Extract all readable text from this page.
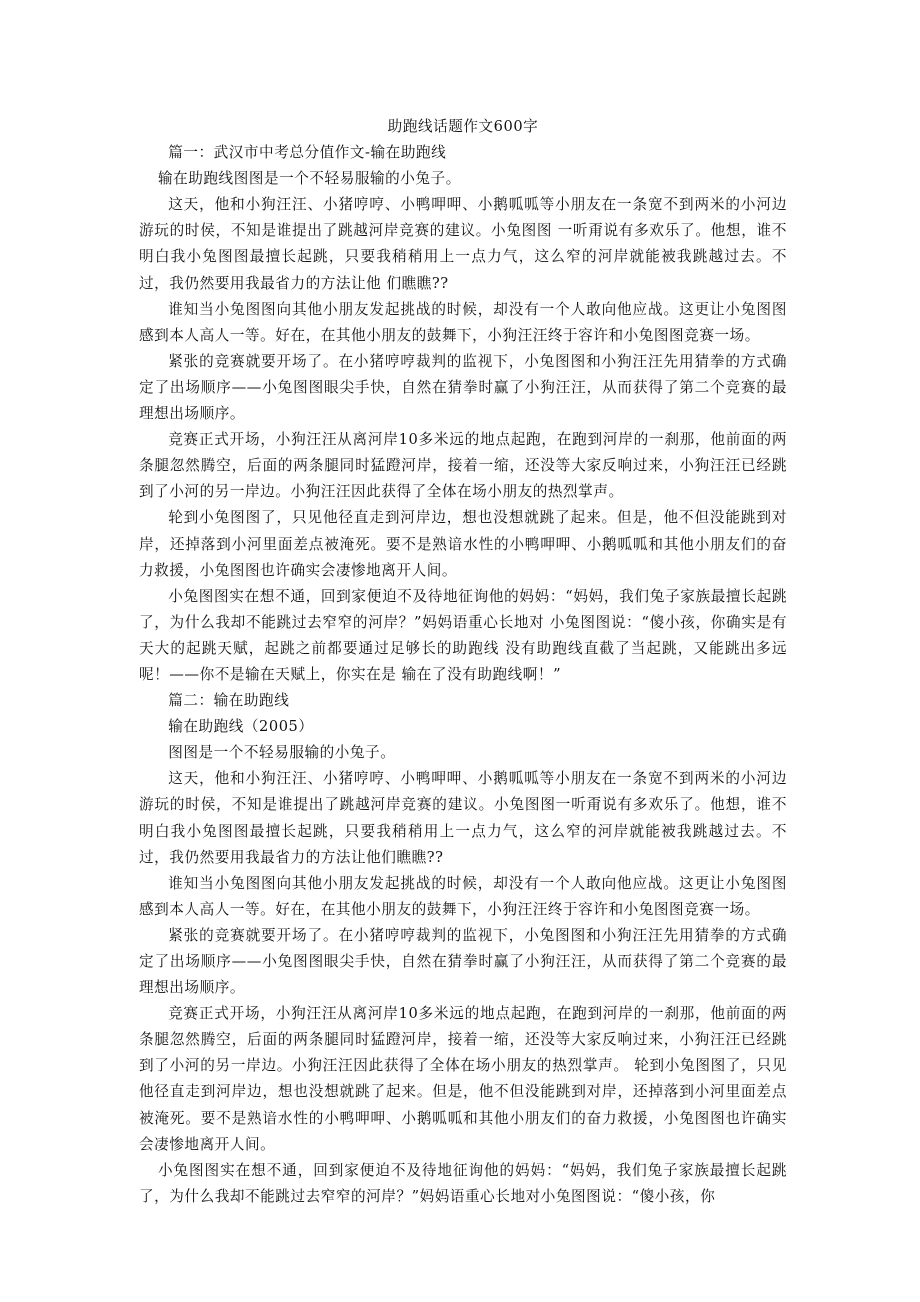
助跑线话题作文600字

篇一：武汉市中考总分值作文-输在助跑线

输在助跑线图图是一个不轻易服输的小兔子。

这天，他和小狗汪汪、小猪哼哼、小鸭呷呷、小鹅呱呱等小朋友在一条宽不到两米的小河边游玩的时侯，不知是谁提出了跳越河岸竞赛的建议。小兔图图 一听甭说有多欢乐了。他想，谁不明白我小兔图图最擅长起跳，只要我稍稍用上一点力气，这么窄的河岸就能被我跳越过去。不过，我仍然要用我最省力的方法让他 们瞧瞧??

谁知当小兔图图向其他小朋友发起挑战的时候，却没有一个人敢向他应战。这更让小兔图图感到本人高人一等。好在，在其他小朋友的鼓舞下，小狗汪汪终于容许和小兔图图竞赛一场。

紧张的竞赛就要开场了。在小猪哼哼裁判的监视下，小兔图图和小狗汪汪先用猜拳的方式确定了出场顺序——小兔图图眼尖手快，自然在猜拳时赢了小狗汪汪，从而获得了第二个竞赛的最理想出场顺序。

竞赛正式开场，小狗汪汪从离河岸10多米远的地点起跑，在跑到河岸的一刹那，他前面的两条腿忽然腾空，后面的两条腿同时猛蹬河岸，接着一缩，还没等大家反响过来，小狗汪汪已经跳到了小河的另一岸边。小狗汪汪因此获得了全体在场小朋友的热烈掌声。

轮到小兔图图了，只见他径直走到河岸边，想也没想就跳了起来。但是，他不但没能跳到对岸，还掉落到小河里面差点被淹死。要不是熟谙水性的小鸭呷呷、小鹅呱呱和其他小朋友们的奋力救援，小兔图图也许确实会凄惨地离开人间。

小兔图图实在想不通，回到家便迫不及待地征询他的妈妈：“妈妈，我们兔子家族最擅长起跳了，为什么我却不能跳过去窄窄的河岸？”妈妈语重心长地对 小兔图图说：“傻小孩，你确实是有天大的起跳天赋，起跳之前都要通过足够长的助跑线 没有助跑线直截了当起跳，又能跳出多远呢！——你不是输在天赋上，你实在是 输在了没有助跑线啊！”

篇二：输在助跑线

输在助跑线（2005）

图图是一个不轻易服输的小兔子。

这天，他和小狗汪汪、小猪哼哼、小鸭呷呷、小鹅呱呱等小朋友在一条宽不到两米的小河边游玩的时侯，不知是谁提出了跳越河岸竞赛的建议。小兔图图一听甭说有多欢乐了。他想，谁不明白我小兔图图最擅长起跳，只要我稍稍用上一点力气，这么窄的河岸就能被我跳越过去。不过，我仍然要用我最省力的方法让他们瞧瞧??

谁知当小兔图图向其他小朋友发起挑战的时候，却没有一个人敢向他应战。这更让小兔图图感到本人高人一等。好在，在其他小朋友的鼓舞下，小狗汪汪终于容许和小兔图图竞赛一场。

紧张的竞赛就要开场了。在小猪哼哼裁判的监视下，小兔图图和小狗汪汪先用猜拳的方式确定了出场顺序——小兔图图眼尖手快，自然在猜拳时赢了小狗汪汪，从而获得了第二个竞赛的最理想出场顺序。

竞赛正式开场，小狗汪汪从离河岸10多米远的地点起跑，在跑到河岸的一刹那，他前面的两条腿忽然腾空，后面的两条腿同时猛蹬河岸，接着一缩，还没等大家反响过来，小狗汪汪已经跳到了小河的另一岸边。小狗汪汪因此获得了全体在场小朋友的热烈掌声。 轮到小兔图图了，只见他径直走到河岸边，想也没想就跳了起来。但是，他不但没能跳到对岸，还掉落到小河里面差点被淹死。要不是熟谙水性的小鸭呷呷、小鹅呱呱和其他小朋友们的奋力救援，小兔图图也许确实会凄惨地离开人间。

小兔图图实在想不通，回到家便迫不及待地征询他的妈妈：“妈妈，我们兔子家族最擅长起跳了，为什么我却不能跳过去窄窄的河岸？”妈妈语重心长地对小兔图图说：“傻小孩，你
